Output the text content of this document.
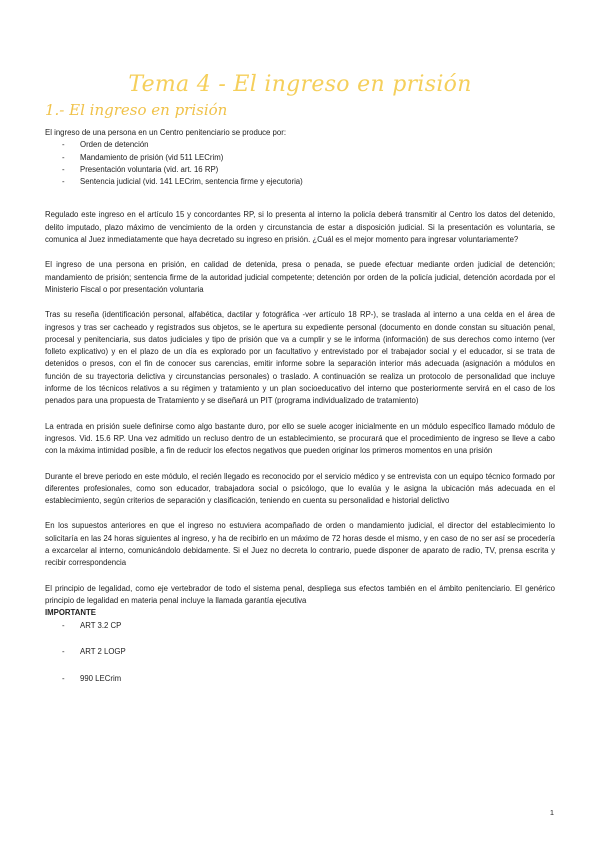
Tema 4 - El ingreso en prisión
1.- El ingreso en prisión

El ingreso de una persona en un Centro penitenciario se produce por:

- Orden de detención
- Mandamiento de prisión (vid 511 LECrim)
- Presentación voluntaria (vid. art. 16 RP)
- Sentencia judicial (vid. 141 LECrim, sentencia firme y ejecutoria)

Regulado este ingreso en el artículo 15 y concordantes RP, si lo presenta al interno la policía deberá transmitir al Centro los datos del detenido, delito imputado, plazo máximo de vencimiento de la orden y circunstancia de estar a disposición judicial. Si la presentación es voluntaria, se comunica al Juez inmediatamente que haya decretado su ingreso en prisión. ¿Cuál es el mejor momento para ingresar voluntariamente?

El ingreso de una persona en prisión, en calidad de detenida, presa o penada, se puede efectuar mediante orden judicial de detención; mandamiento de prisión; sentencia firme de la autoridad judicial competente; detención por orden de la policía judicial, detención acordada por el Ministerio Fiscal o por presentación voluntaria

Tras su reseña (identificación personal, alfabética, dactilar y fotográfica -ver artículo 18 RP-), se traslada al interno a una celda en el área de ingresos y tras ser cacheado y registrados sus objetos, se le apertura su expediente personal (documento en donde constan su situación penal, procesal y penitenciaria, sus datos judiciales y tipo de prisión que va a cumplir y se le informa (información) de sus derechos como interno (ver folleto explicativo) y en el plazo de un día es explorado por un facultativo y entrevistado por el trabajador social y el educador, si se trata de detenidos o presos, con el fin de conocer sus carencias, emitir informe sobre la separación interior más adecuada (asignación a módulos en función de su trayectoria delictiva y circunstancias personales) o traslado. A continuación se realiza un protocolo de personalidad que incluye informe de los técnicos relativos a su régimen y tratamiento y un plan socioeducativo del interno que posteriormente servirá en el caso de los penados para una propuesta de Tratamiento y se diseñará un PIT (programa individualizado de tratamiento)

La entrada en prisión suele definirse como algo bastante duro, por ello se suele acoger inicialmente en un módulo específico llamado módulo de ingresos. Vid. 15.6 RP. Una vez admitido un recluso dentro de un establecimiento, se procurará que el procedimiento de ingreso se lleve a cabo con la máxima intimidad posible, a fin de reducir los efectos negativos que pueden originar los primeros momentos en una prisión

Durante el breve periodo en este módulo, el recién llegado es reconocido por el servicio médico y se entrevista con un equipo técnico formado por diferentes profesionales, como son educador, trabajadora social o psicólogo, que lo evalúa y le asigna la ubicación más adecuada en el establecimiento, según criterios de separación y clasificación, teniendo en cuenta su personalidad e historial delictivo

En los supuestos anteriores en que el ingreso no estuviera acompañado de orden o mandamiento judicial, el director del establecimiento lo solicitaría en las 24 horas siguientes al ingreso, y ha de recibirlo en un máximo de 72 horas desde el mismo, y en caso de no ser así se procedería a excarcelar al interno, comunicándolo debidamente. Si el Juez no decreta lo contrario, puede disponer de aparato de radio, TV, prensa escrita y recibir correspondencia

El principio de legalidad, como eje vertebrador de todo el sistema penal, despliega sus efectos también en el ámbito penitenciario. El genérico principio de legalidad en materia penal incluye la llamada garantía ejecutiva

IMPORTANTE

- ART 3.2 CP
- ART 2 LOGP
- 990 LECrim
1
